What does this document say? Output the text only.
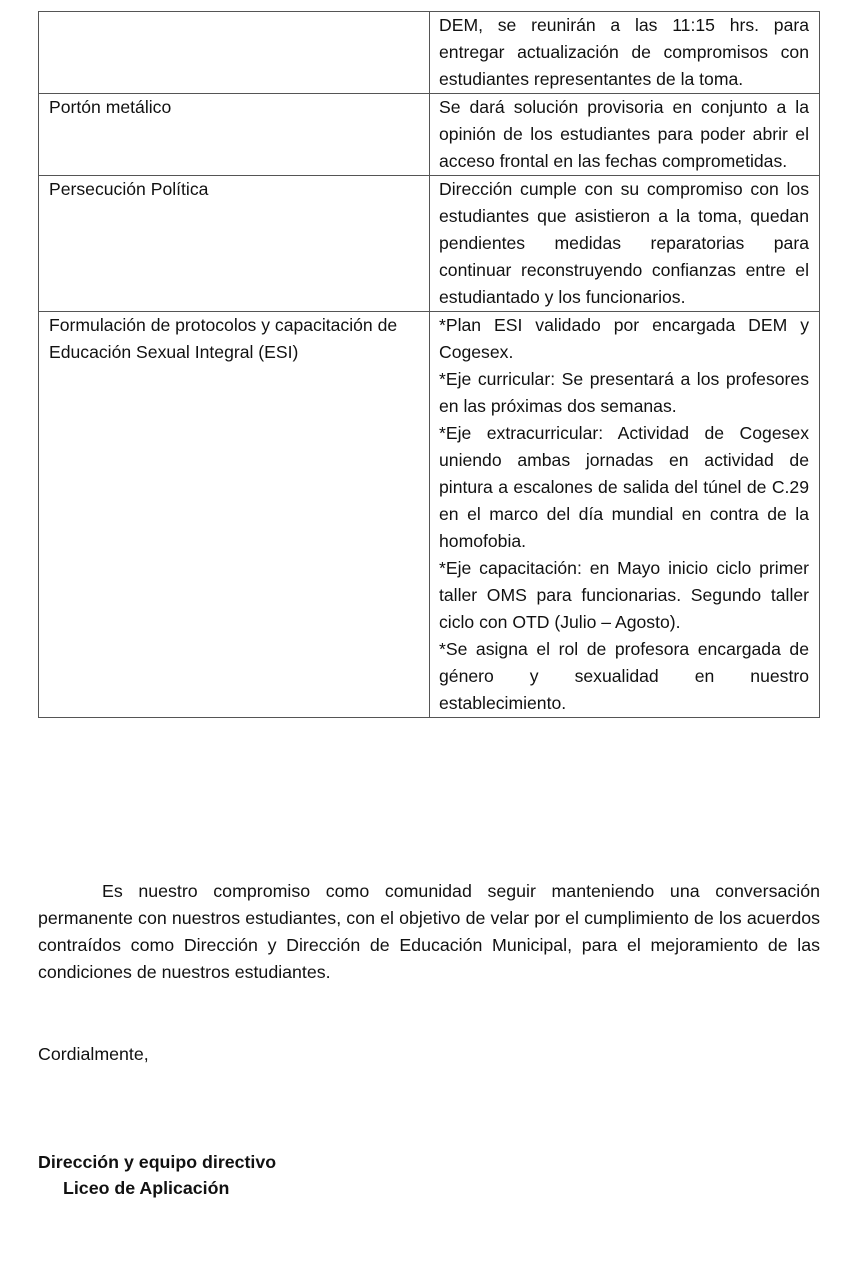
	DEM, se reunirán a las 11:15 hrs. para entregar actualización de compromisos con estudiantes representantes de la toma.

Portón metálico	Se dará solución provisoria en conjunto a la opinión de los estudiantes para poder abrir el acceso frontal en las fechas comprometidas.

Persecución Política	Dirección cumple con su compromiso con los estudiantes que asistieron a la toma, quedan pendientes medidas reparatorias para continuar reconstruyendo confianzas entre el estudiantado y los funcionarios.

Formulación de protocolos y capacitación de Educación Sexual Integral (ESI)	*Plan ESI validado por encargada DEM y Cogesex.
*Eje curricular: Se presentará a los profesores en las próximas dos semanas.
*Eje extracurricular: Actividad de Cogesex uniendo ambas jornadas en actividad de pintura a escalones de salida del túnel de C.29 en el marco del día mundial en contra de la homofobia.
*Eje capacitación: en Mayo inicio ciclo primer taller OMS para funcionarias. Segundo taller ciclo con OTD (Julio – Agosto).
*Se asigna el rol de profesora encargada de género y sexualidad en nuestro establecimiento.

Es nuestro compromiso como comunidad seguir manteniendo una conversación permanente con nuestros estudiantes, con el objetivo de velar por el cumplimiento de los acuerdos contraídos como Dirección y Dirección de Educación Municipal, para el mejoramiento de las condiciones de nuestros estudiantes.

Cordialmente,

Dirección y equipo directivo

Liceo de Aplicación
